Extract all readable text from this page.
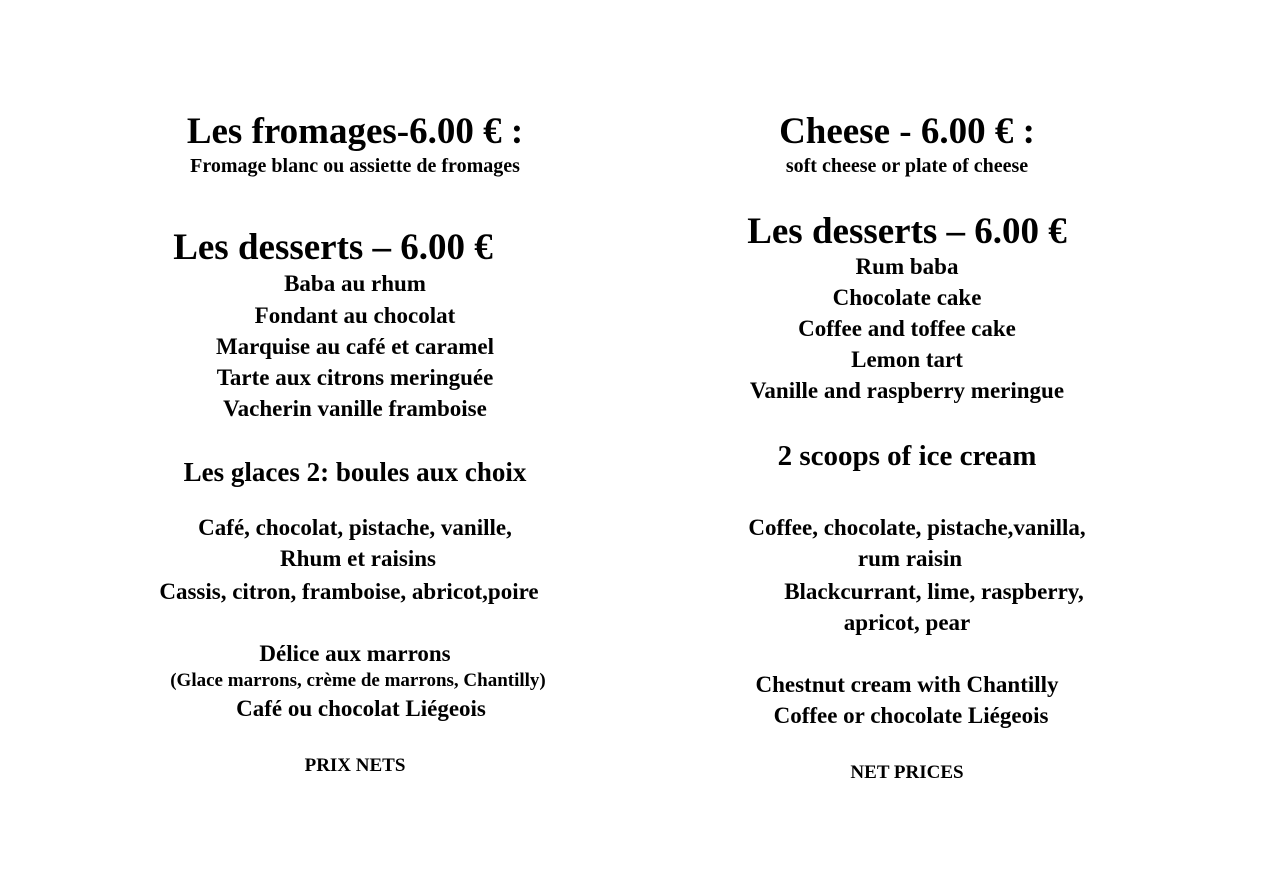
Les fromages-6.00 € :
Fromage blanc ou assiette de fromages
Les desserts – 6.00 €
Baba au rhum
Fondant au chocolat
Marquise au café et caramel
Tarte aux citrons meringuée
Vacherin vanille framboise
Les glaces 2: boules aux choix
Café, chocolat, pistache, vanille,
Rhum et raisins
Cassis, citron, framboise, abricot,poire
Délice aux marrons
(Glace marrons, crème de marrons, Chantilly)
Café ou chocolat Liégeois
PRIX NETS
Cheese - 6.00 € :
soft cheese or plate of cheese
Les desserts – 6.00 €
Rum baba
Chocolate cake
Coffee and toffee cake
Lemon tart
Vanille and raspberry meringue
2 scoops of ice cream
Coffee, chocolate, pistache,vanilla,
rum raisin
Blackcurrant, lime, raspberry,
apricot, pear
Chestnut cream with Chantilly
Coffee or chocolate Liégeois
NET PRICES
